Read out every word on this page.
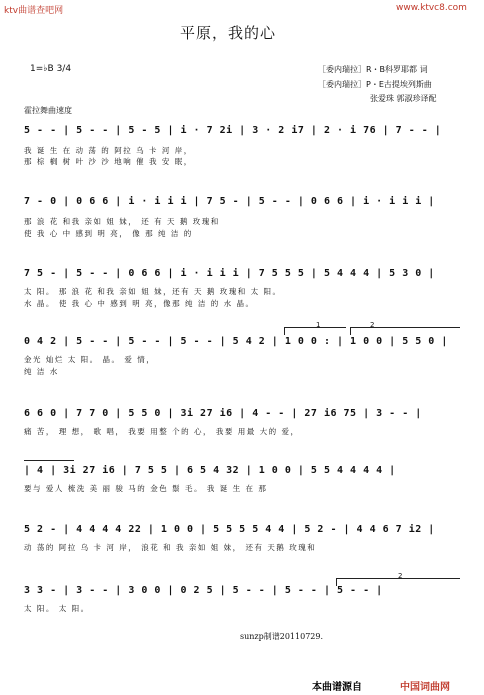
ktv曲谱查吧网	www.ktvc8.com
平原，我的心
1=♭B 3/4	［委内瑞拉］R・B科罗耶都 词
［委内瑞拉］P・E古提埃列斯曲
张爱珠 郭淑珍译配
霍拉舞曲速度
5 - - | 5 - - | 5 - 5 | i · 7 2i | 3 · 2 i7 | 2 · i 76 | 7 - - |
我 诞 生 在 动 荡 的 阿拉 乌 卡 河 岸，
那 棕 榈 树 叶 沙 沙 地响 催 我 安 眠，
7 - 0 | 0 6 6 | i · i i i | 7 5 - | 5 - - | 0 6 6 | i · i i i |
那 浪 花 和我 亲如 姐 妹， 还 有 天 鹅 玫瑰和
使 我 心 中 感到 明 亮， 像 那 纯 洁 的
7 5 - | 5 - - | 0 6 6 | i · i i i | 7 5 5 5 | 5 4 4 4 | 5 3 0 |
太 阳。 那 浪 花 和我 亲如 姐 妹，还有 天 鹅 玫瑰和 太 阳。
水 晶。 使 我 心 中 感到 明 亮，像那 纯 洁 的 水 晶。
1	2
0 4 2 | 5 - - | 5 - - | 5 - - | 5 4 2 | 1 0 0 : | 1 0 0 | 5 5 0 |
金光 灿烂 太 阳。 晶。 爱 情，
纯 洁 水
6 6 0 | 7 7 0 | 5 5 0 | 3i 27 i6 | 4 - - | 27 i6 75 | 3 - - |
痛 苦， 理 想， 歌 唱， 我要 用整 个的 心， 我要 用最 大的 爱，
| 4 | 3i 27 i6 | 7 5 5 | 6 5 4 32 | 1 0 0 | 5 5 4 4 4 4 |
要与 爱人 梳洗 美 丽 骏 马的 金色 鬃 毛。 我 诞 生 在 那
5 2 - | 4 4 4 4 22 | 1 0 0 | 5 5 5 5 4 4 | 5 2 - | 4 4 6 7 i2 |
动 荡的 阿拉 乌 卡 河 岸， 浪花 和 我 亲如 姐 妹， 还有 天鹅 玫瑰和
2
3 3 - | 3 - - | 3 0 0 | 0 2 5 | 5 - - | 5 - - | 5 - - |
太 阳。 太 阳。
sunzp制谱20110729.
本曲谱源自	中国词曲网
